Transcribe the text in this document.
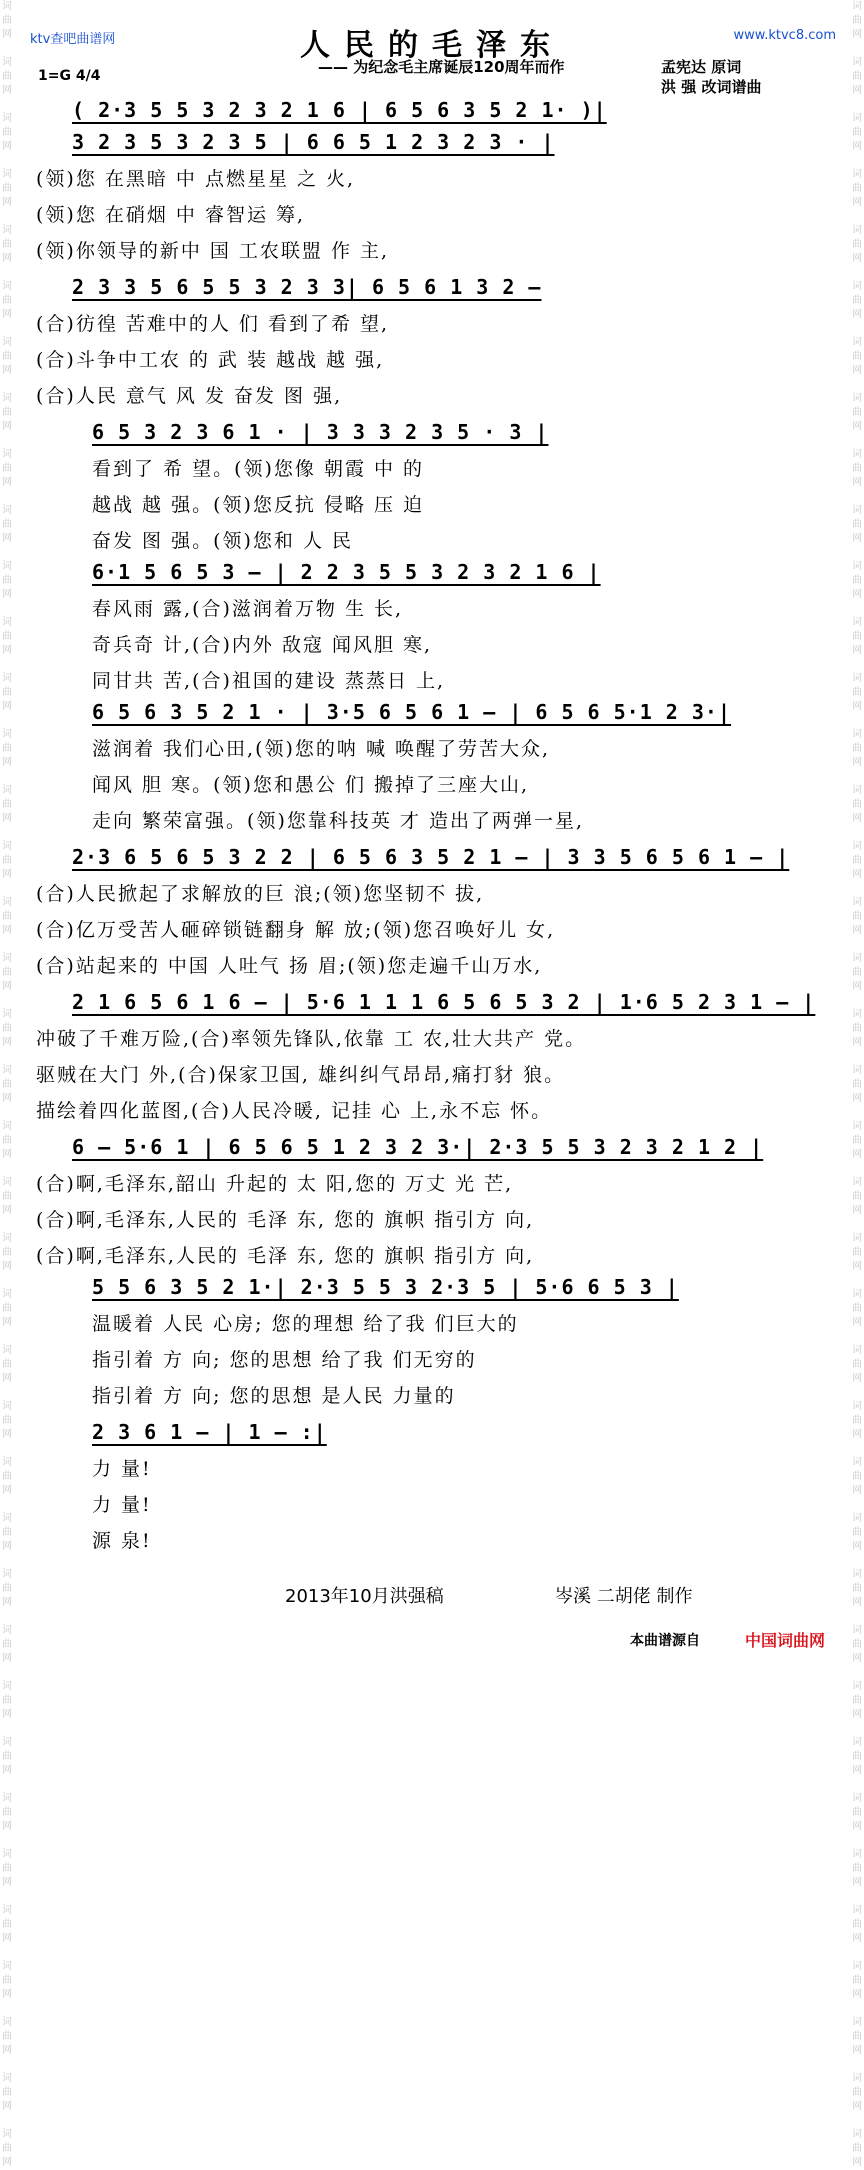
词曲网
词曲网
词曲网
词曲网
词曲网
词曲网
词曲网
词曲网
词曲网
词曲网
词曲网
词曲网
词曲网
词曲网
词曲网
词曲网
词曲网
词曲网
词曲网
词曲网
词曲网
词曲网
词曲网
词曲网
词曲网
词曲网
词曲网
词曲网
词曲网
词曲网
词曲网
词曲网
词曲网
词曲网
词曲网
词曲网
词曲网
词曲网
词曲网
词曲网
词曲网
词曲网
词曲网
词曲网
词曲网
词曲网
词曲网
词曲网
词曲网
词曲网
词曲网
词曲网
词曲网
词曲网
词曲网
词曲网
词曲网
词曲网
词曲网
词曲网
词曲网
词曲网
词曲网
词曲网
词曲网
词曲网
词曲网
词曲网
词曲网
词曲网
词曲网
词曲网
词曲网
词曲网
词曲网
词曲网
词曲网
词曲网
ktv查吧曲谱网	www.ktvc8.com
人民的毛泽东
—— 为纪念毛主席诞辰120周年而作	孟宪达 原词
洪 强 改词谱曲
1=G 4/4
( 2·3 5 5 3 2 3 2 1 6 | 6 5 6 3 5 2 1· )|
3 2 3 5 3 2 3 5 | 6 6 5 1 2 3 2 3 · |
(领)您 在黑暗 中 点燃星星 之 火,
(领)您 在硝烟 中 睿智运 筹,
(领)你领导的新中 国 工农联盟 作 主,
2 3 3 5 6 5 5 3 2 3 3| 6 5 6 1 3 2 —
(合)彷徨 苦难中的人 们 看到了希 望,
(合)斗争中工农 的 武 装 越战 越 强,
(合)人民 意气 风 发 奋发 图 强,
6 5 3 2 3 6 1 · | 3 3 3 2 3 5 · 3 |
看到了 希 望。(领)您像 朝霞 中 的
越战 越 强。(领)您反抗 侵略 压 迫
奋发 图 强。(领)您和 人 民
6·1 5 6 5 3 — | 2 2 3 5 5 3 2 3 2 1 6 |
春风雨 露,(合)滋润着万物 生 长,
奇兵奇 计,(合)内外 敌寇 闻风胆 寒,
同甘共 苦,(合)祖国的建设 蒸蒸日 上,
6 5 6 3 5 2 1 · | 3·5 6 5 6 1 — | 6 5 6 5·1 2 3·|
滋润着 我们心田,(领)您的呐 喊 唤醒了劳苦大众,
闻风 胆 寒。(领)您和愚公 们 搬掉了三座大山,
走向 繁荣富强。(领)您靠科技英 才 造出了两弹一星,
2·3 6 5 6 5 3 2 2 | 6 5 6 3 5 2 1 — | 3 3 5 6 5 6 1 — |
(合)人民掀起了求解放的巨 浪;(领)您坚韧不 拔,
(合)亿万受苦人砸碎锁链翻身 解 放;(领)您召唤好儿 女,
(合)站起来的 中国 人吐气 扬 眉;(领)您走遍千山万水,
2 1 6 5 6 1 6 — | 5·6 1 1 1 6 5 6 5 3 2 | 1·6 5 2 3 1 — |
冲破了千难万险,(合)率领先锋队,依靠 工 农,壮大共产 党。
驱贼在大门 外,(合)保家卫国, 雄纠纠气昂昂,痛打豺 狼。
描绘着四化蓝图,(合)人民冷暖, 记挂 心 上,永不忘 怀。
6 — 5·6 1 | 6 5 6 5 1 2 3 2 3·| 2·3 5 5 3 2 3 2 1 2 |
(合)啊,毛泽东,韶山 升起的 太 阳,您的 万丈 光 芒,
(合)啊,毛泽东,人民的 毛泽 东, 您的 旗帜 指引方 向,
(合)啊,毛泽东,人民的 毛泽 东, 您的 旗帜 指引方 向,
5 5 6 3 5 2 1·| 2·3 5 5 3 2·3 5 | 5·6 6 5 3 |
温暖着 人民 心房; 您的理想 给了我 们巨大的
指引着 方 向; 您的思想 给了我 们无穷的
指引着 方 向; 您的思想 是人民 力量的
2 3 6 1 — | 1 — :|
力 量!
力 量!
源 泉!
2013年10月洪强稿	岑溪 二胡佬 制作
本曲谱源自	中国词曲网
